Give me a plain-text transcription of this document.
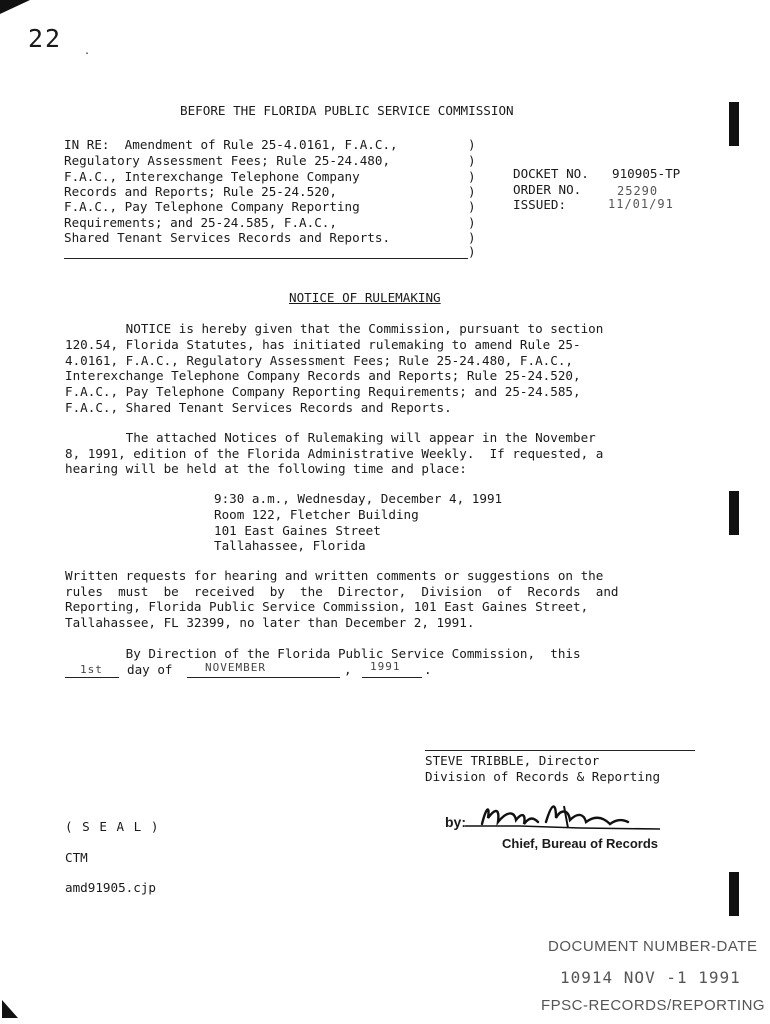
22 .
BEFORE THE FLORIDA PUBLIC SERVICE COMMISSION
IN RE:  Amendment of Rule 25-4.0161, F.A.C.,
Regulatory Assessment Fees; Rule 25-24.480,
F.A.C., Interexchange Telephone Company
Records and Reports; Rule 25-24.520,
F.A.C., Pay Telephone Company Reporting
Requirements; and 25-24.585, F.A.C.,
Shared Tenant Services Records and Reports.
)
)
)
)
)
)
)
)
DOCKET NO. 910905-TP
ORDER NO.	25290
ISSUED:	11/01/91
NOTICE OF RULEMAKING
NOTICE is hereby given that the Commission, pursuant to section
120.54, Florida Statutes, has initiated rulemaking to amend Rule 25-
4.0161, F.A.C., Regulatory Assessment Fees; Rule 25-24.480, F.A.C.,
Interexchange Telephone Company Records and Reports; Rule 25-24.520,
F.A.C., Pay Telephone Company Reporting Requirements; and 25-24.585,
F.A.C., Shared Tenant Services Records and Reports.
The attached Notices of Rulemaking will appear in the November
8, 1991, edition of the Florida Administrative Weekly.  If requested, a
hearing will be held at the following time and place:
9:30 a.m., Wednesday, December 4, 1991
Room 122, Fletcher Building
101 East Gaines Street
Tallahassee, Florida
Written requests for hearing and written comments or suggestions on the
rules  must  be  received  by  the  Director,  Division  of  Records  and
Reporting, Florida Public Service Commission, 101 East Gaines Street,
Tallahassee, FL 32399, no later than December 2, 1991.
By Direction of the Florida Public Service Commission,  this
1st day of	NOVEMBER	, 1991 .
STEVE TRIBBLE, Director
Division of Records & Reporting
by:
Chief, Bureau of Records
( S E A L )
CTM
amd91905.cjp
DOCUMENT NUMBER-DATE
10914 NOV -1 1991
FPSC-RECORDS/REPORTING
